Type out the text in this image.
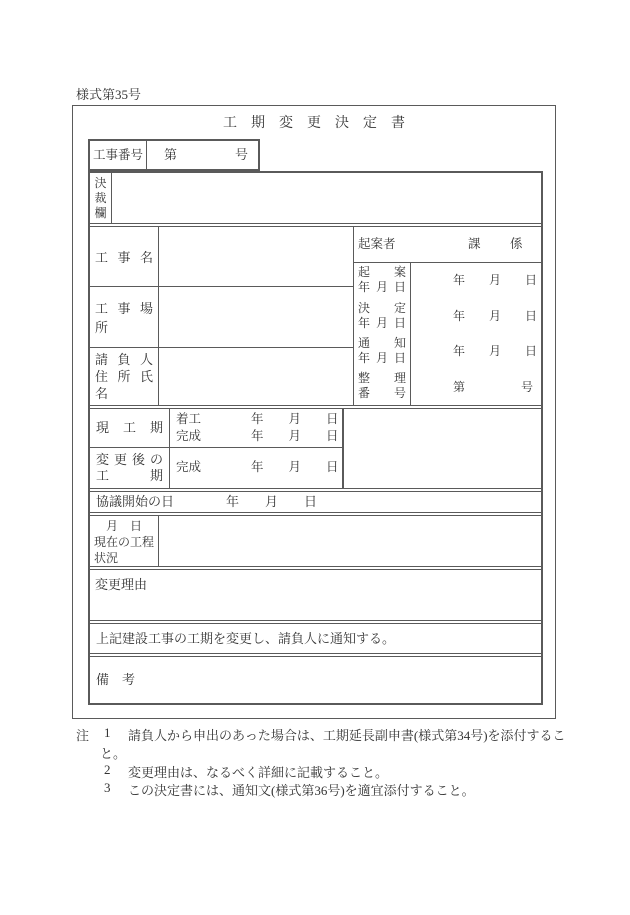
様式第35号
工　期　変　更　決　定　書
工事番号	第	号
決裁欄
工 事 名
工 事 場 所
請 負 人
住 所 氏 名
起案者	課 係
起 案
年 月 日	年　　月　　日
決 定
年 月 日	年　　月　　日
通 知
年 月 日	年　　月　　日
整 理
番 号	第	号
現 工 期
着工　　　　年　　月　　日
完成　　　　年　　月　　日
変 更 後 の
工 期
完成　　　　年　　月　　日
協議開始の日　　　　年　　月　　日
　月　日
現在の工程
状況
変更理由
上記建設工事の工期を変更し、請負人に通知する。
備　考
注 1 請負人から申出のあった場合は、工期延長副申書(様式第34号)を添付するこ
と。
2 変更理由は、なるべく詳細に記載すること。
3 この決定書には、通知文(様式第36号)を適宜添付すること。
